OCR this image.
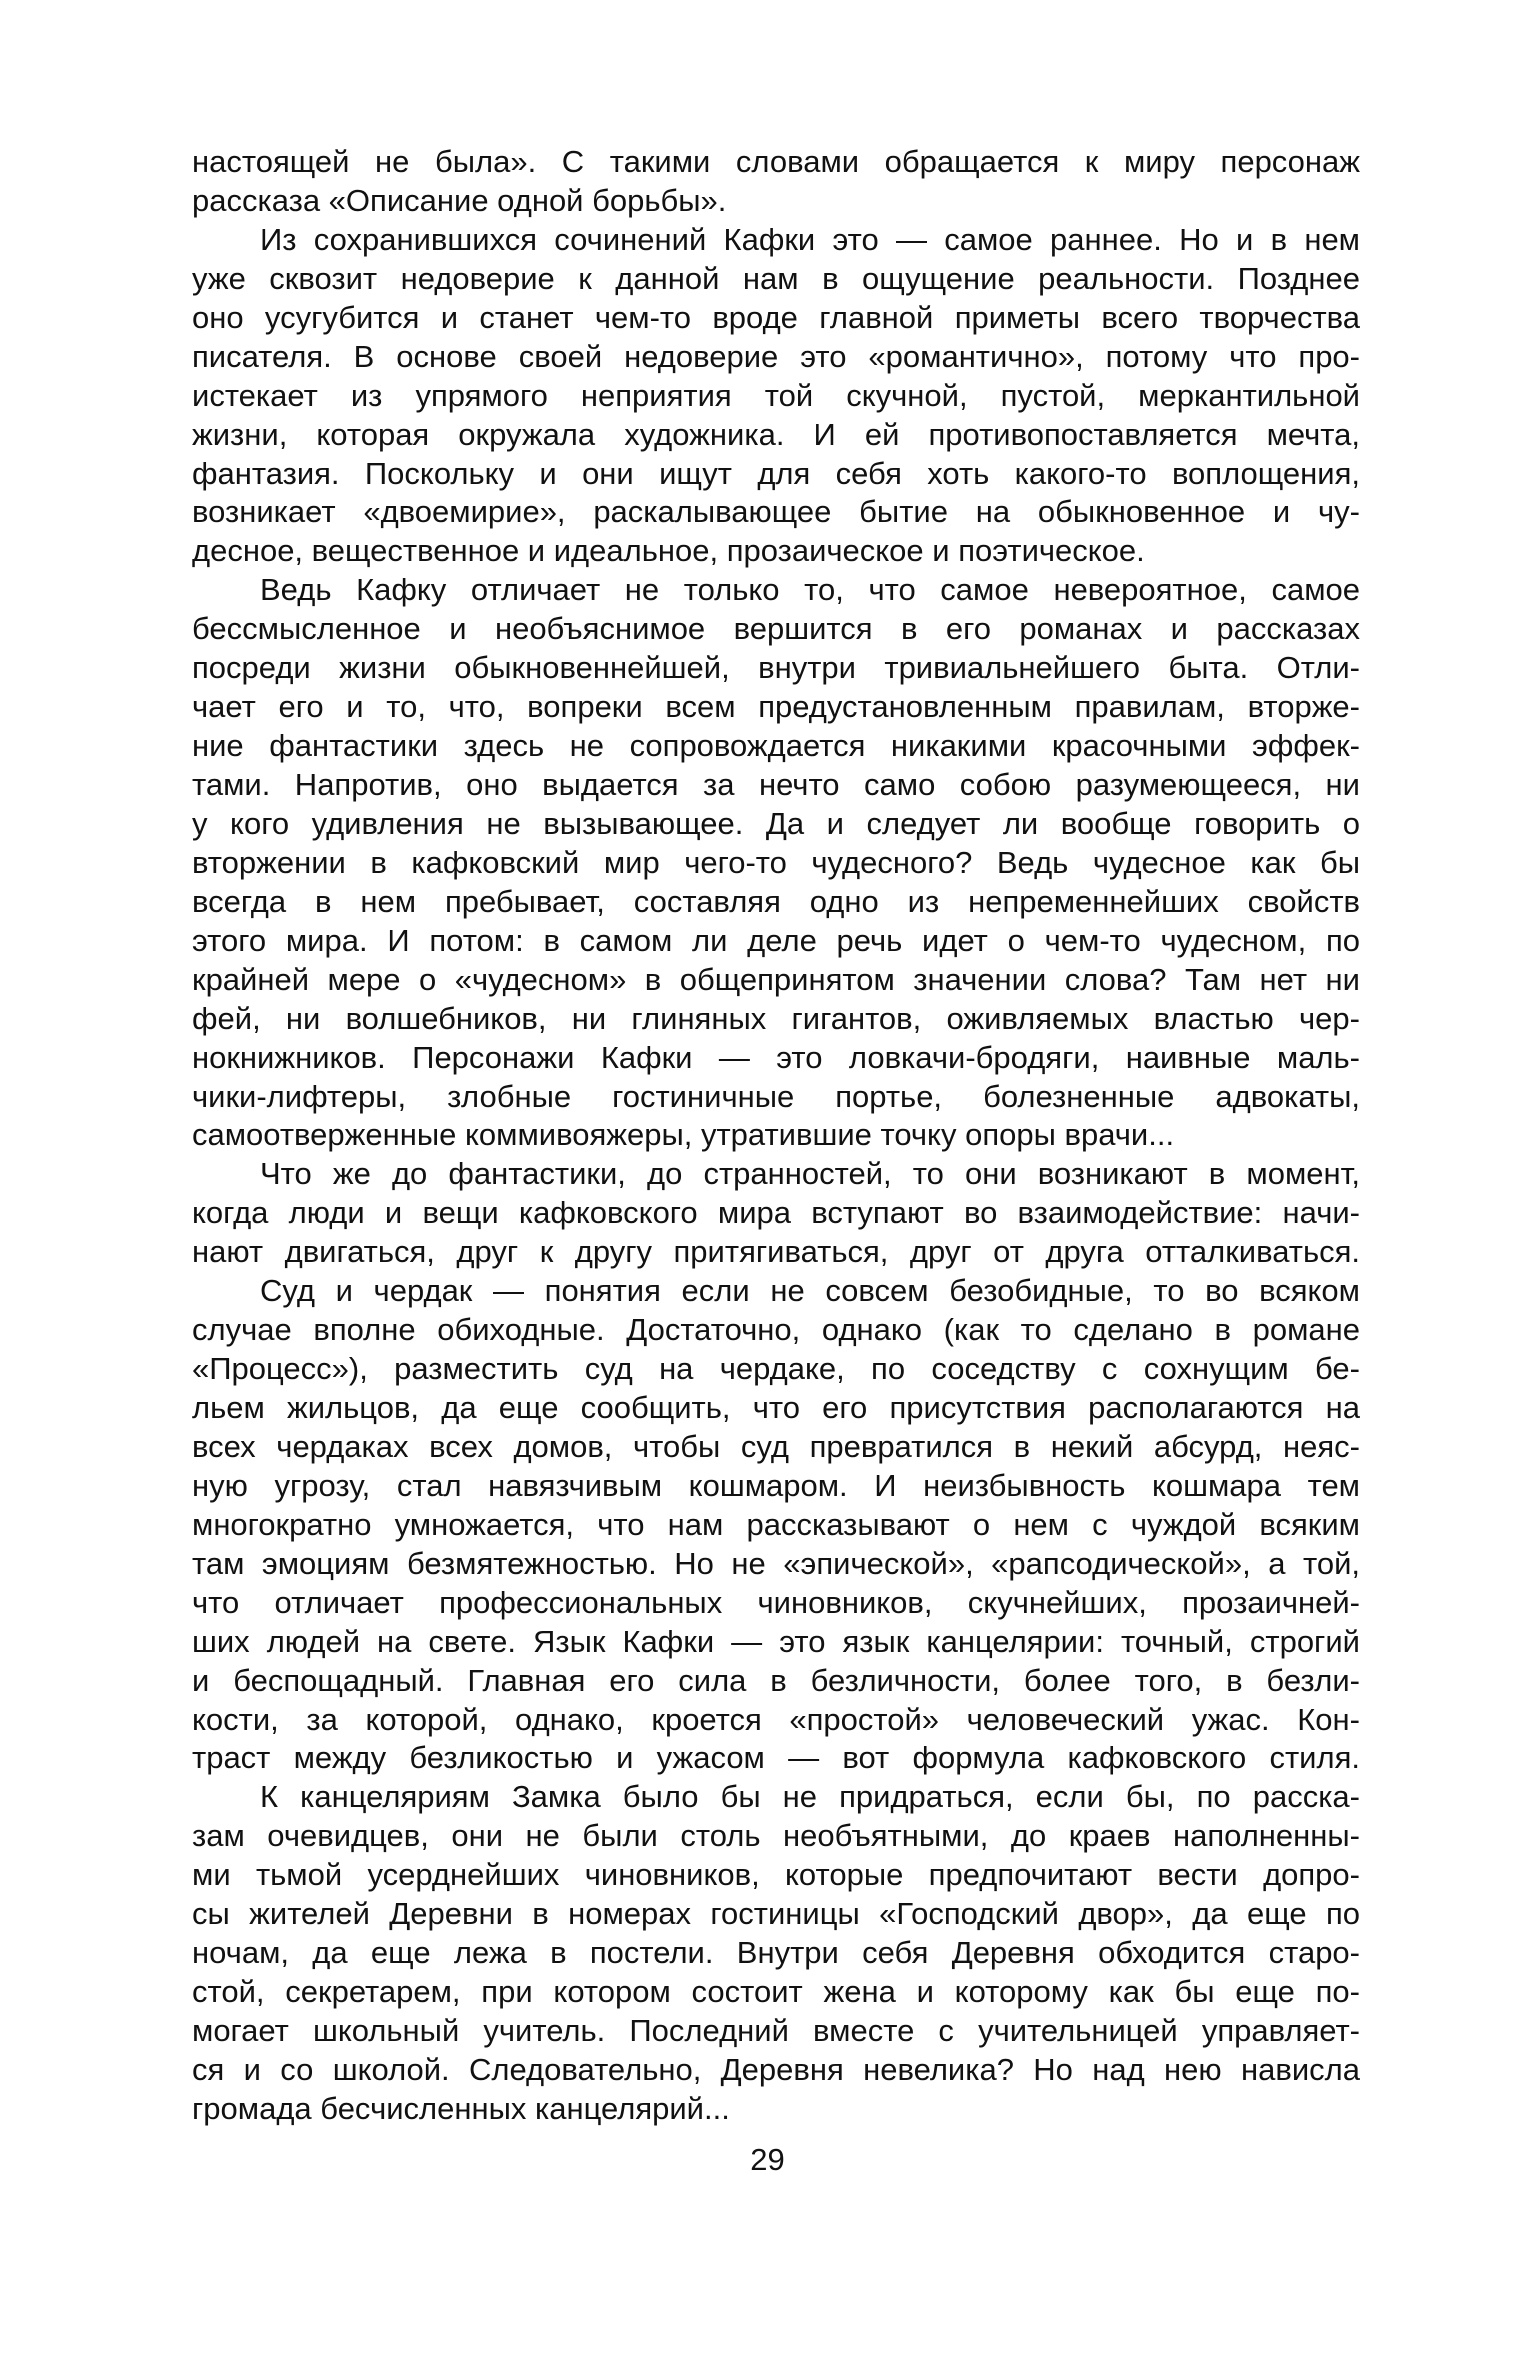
настоящей не была». С такими словами обращается к миру персонаж
рассказа «Описание одной борьбы».
Из сохранившихся сочинений Кафки это — самое раннее. Но и в нем
уже сквозит недоверие к данной нам в ощущение реальности. Позднее
оно усугубится и станет чем-то вроде главной приметы всего творчества
писателя. В основе своей недоверие это «романтично», потому что про-
истекает из упрямого неприятия той скучной, пустой, меркантильной
жизни, которая окружала художника. И ей противопоставляется мечта,
фантазия. Поскольку и они ищут для себя хоть какого-то воплощения,
возникает «двоемирие», раскалывающее бытие на обыкновенное и чу-
десное, вещественное и идеальное, прозаическое и поэтическое.
Ведь Кафку отличает не только то, что самое невероятное, самое
бессмысленное и необъяснимое вершится в его романах и рассказах
посреди жизни обыкновеннейшей, внутри тривиальнейшего быта. Отли-
чает его и то, что, вопреки всем предустановленным правилам, вторже-
ние фантастики здесь не сопровождается никакими красочными эффек-
тами. Напротив, оно выдается за нечто само собою разумеющееся, ни
у кого удивления не вызывающее. Да и следует ли вообще говорить о
вторжении в кафковский мир чего-то чудесного? Ведь чудесное как бы
всегда в нем пребывает, составляя одно из непременнейших свойств
этого мира. И потом: в самом ли деле речь идет о чем-то чудесном, по
крайней мере о «чудесном» в общепринятом значении слова? Там нет ни
фей, ни волшебников, ни глиняных гигантов, оживляемых властью чер-
нокнижников. Персонажи Кафки — это ловкачи-бродяги, наивные маль-
чики-лифтеры, злобные гостиничные портье, болезненные адвокаты,
самоотверженные коммивояжеры, утратившие точку опоры врачи...
Что же до фантастики, до странностей, то они возникают в момент,
когда люди и вещи кафковского мира вступают во взаимодействие: начи-
нают двигаться, друг к другу притягиваться, друг от друга отталкиваться.
Суд и чердак — понятия если не совсем безобидные, то во всяком
случае вполне обиходные. Достаточно, однако (как то сделано в романе
«Процесс»), разместить суд на чердаке, по соседству с сохнущим бе-
льем жильцов, да еще сообщить, что его присутствия располагаются на
всех чердаках всех домов, чтобы суд превратился в некий абсурд, неяс-
ную угрозу, стал навязчивым кошмаром. И неизбывность кошмара тем
многократно умножается, что нам рассказывают о нем с чуждой всяким
там эмоциям безмятежностью. Но не «эпической», «рапсодической», а той,
что отличает профессиональных чиновников, скучнейших, прозаичней-
ших людей на свете. Язык Кафки — это язык канцелярии: точный, строгий
и беспощадный. Главная его сила в безличности, более того, в безли-
кости, за которой, однако, кроется «простой» человеческий ужас. Кон-
траст между безликостью и ужасом — вот формула кафковского стиля.
К канцеляриям Замка было бы не придраться, если бы, по расска-
зам очевидцев, они не были столь необъятными, до краев наполненны-
ми тьмой усерднейших чиновников, которые предпочитают вести допро-
сы жителей Деревни в номерах гостиницы «Господский двор», да еще по
ночам, да еще лежа в постели. Внутри себя Деревня обходится старо-
стой, секретарем, при котором состоит жена и которому как бы еще по-
могает школьный учитель. Последний вместе с учительницей управляет-
ся и со школой. Следовательно, Деревня невелика? Но над нею нависла
громада бесчисленных канцелярий...
29
